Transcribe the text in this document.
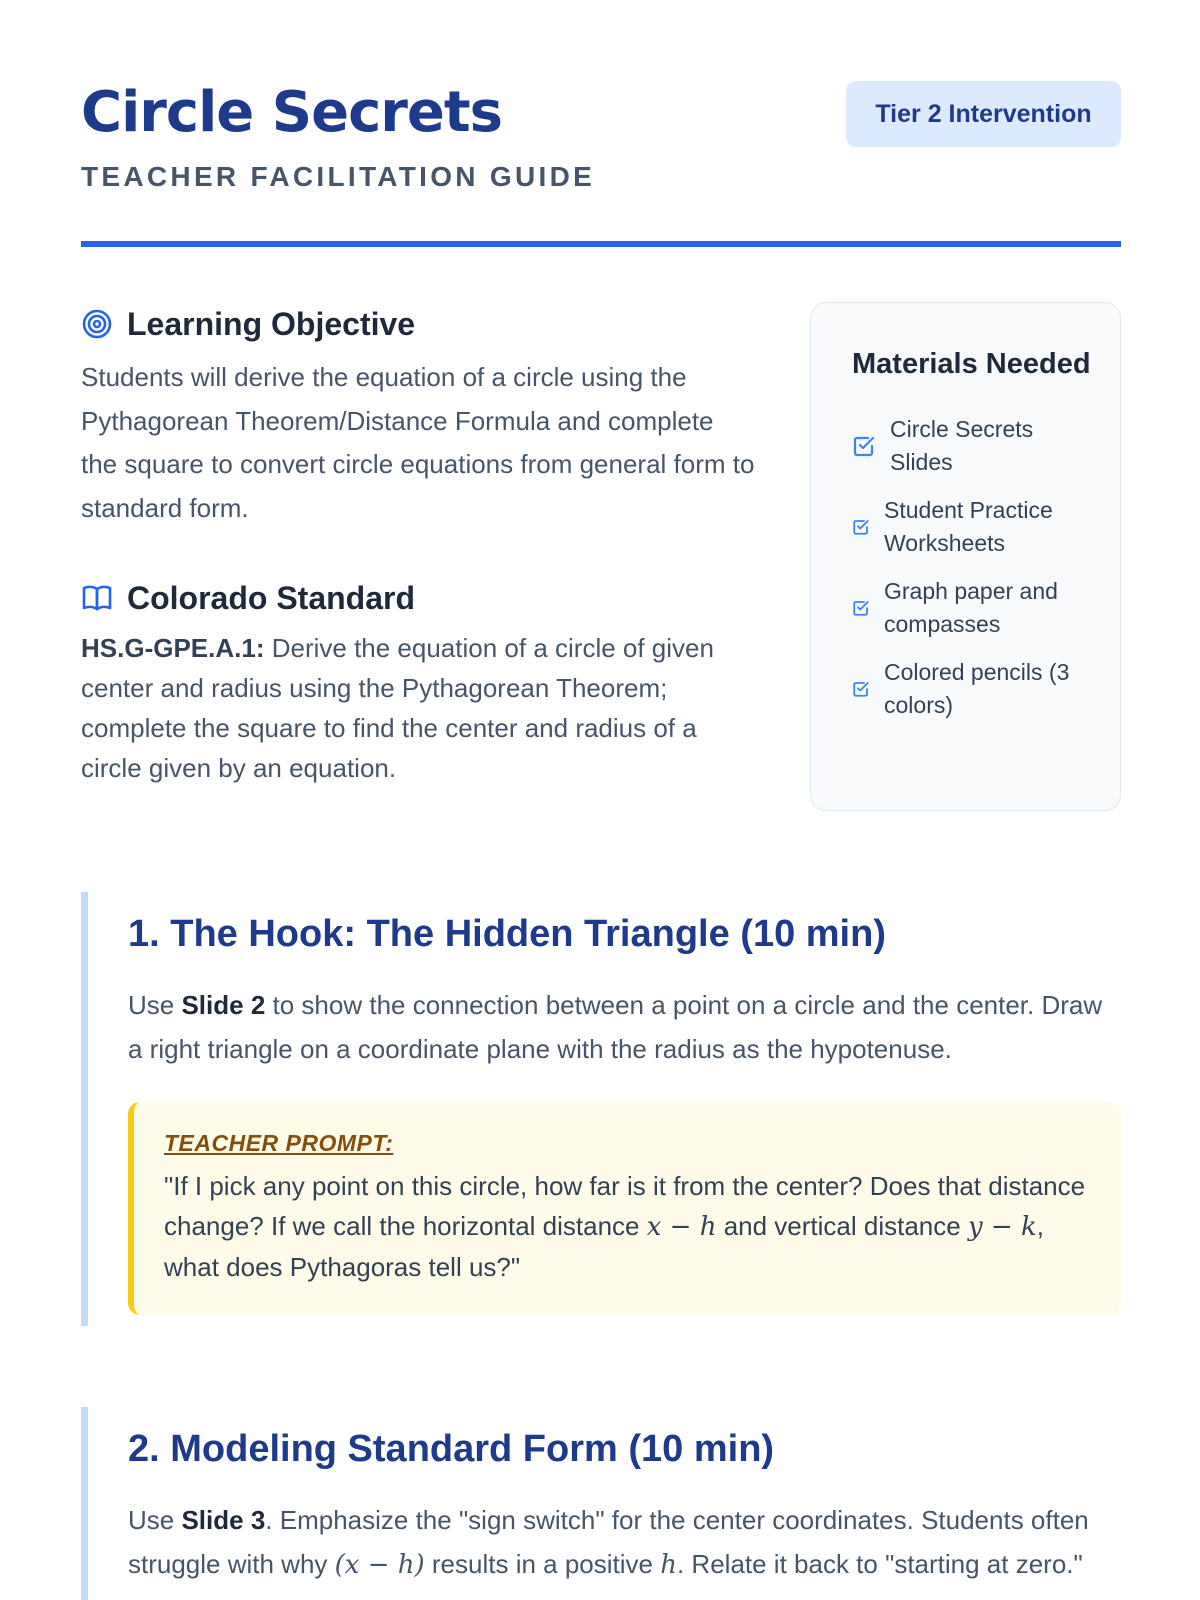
Circle Secrets
TEACHER FACILITATION GUIDE
Tier 2 Intervention
Learning Objective

Students will derive the equation of a circle using the Pythagorean Theorem/Distance Formula and complete the square to convert circle equations from general form to standard form.

Colorado Standard

HS.G-GPE.A.1: Derive the equation of a circle of given center and radius using the Pythagorean Theorem; complete the square to find the center and radius of a circle given by an equation.

Materials Needed
Circle Secrets Slides
Student Practice Worksheets
Graph paper and compasses
Colored pencils (3 colors)
1. The Hook: The Hidden Triangle (10 min)

Use Slide 2 to show the connection between a point on a circle and the center. Draw a right triangle on a coordinate plane with the radius as the hypotenuse.

TEACHER PROMPT:
"If I pick any point on this circle, how far is it from the center? Does that distance change? If we call the horizontal distance x − h and vertical distance y − k, what does Pythagoras tell us?"
2. Modeling Standard Form (10 min)

Use Slide 3. Emphasize the "sign switch" for the center coordinates. Students often struggle with why (x − h) results in a positive h. Relate it back to "starting at zero."
